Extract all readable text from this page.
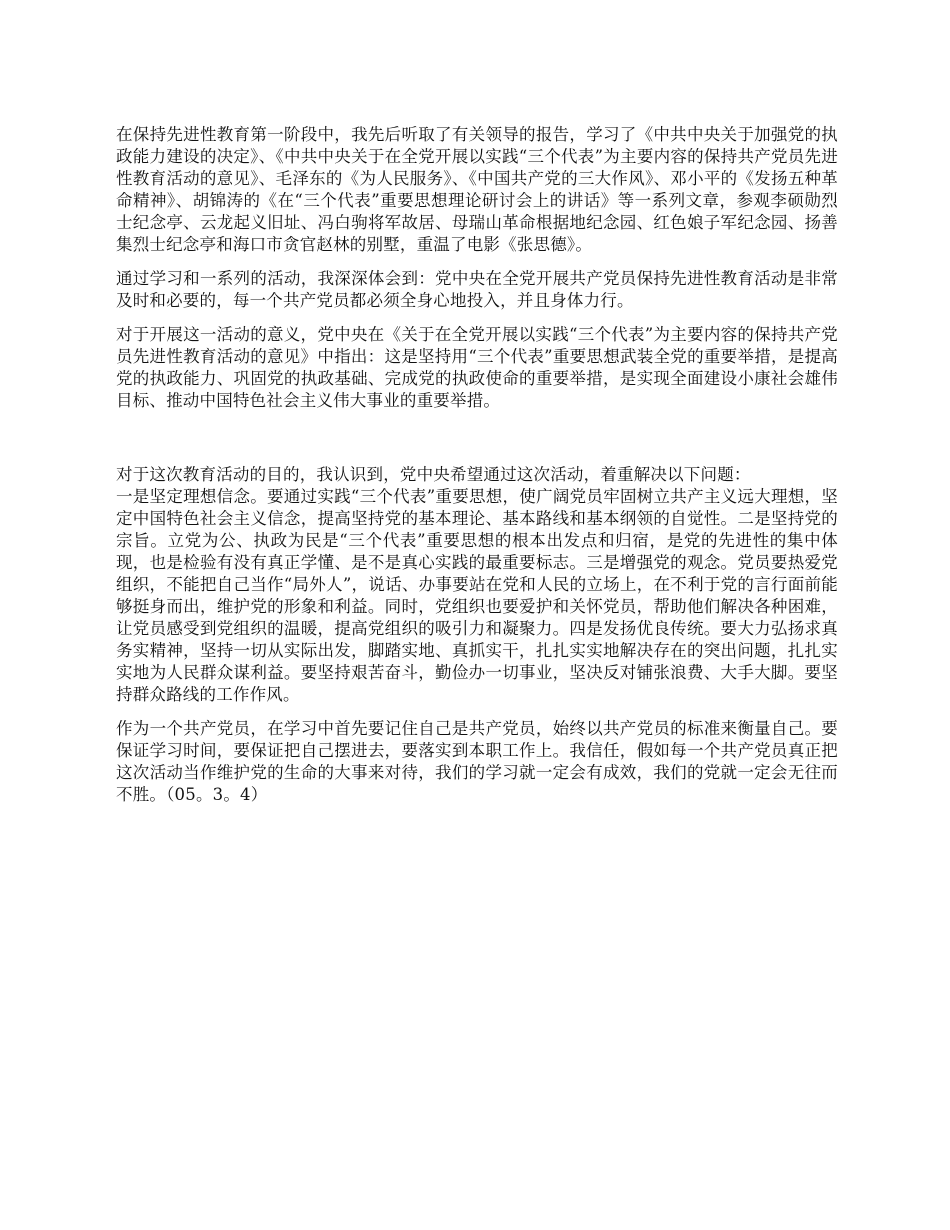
在保持先进性教育第一阶段中，我先后听取了有关领导的报告，学习了《中共中央关于加强党的执政能力建设的决定》、《中共中央关于在全党开展以实践“三个代表”为主要内容的保持共产党员先进性教育活动的意见》、毛泽东的《为人民服务》、《中国共产党的三大作风》、邓小平的《发扬五种革命精神》、胡锦涛的《在“三个代表”重要思想理论研讨会上的讲话》等一系列文章，参观李硕勋烈士纪念亭、云龙起义旧址、冯白驹将军故居、母瑞山革命根据地纪念园、红色娘子军纪念园、扬善集烈士纪念亭和海口市贪官赵林的别墅，重温了电影《张思德》。

通过学习和一系列的活动，我深深体会到：党中央在全党开展共产党员保持先进性教育活动是非常及时和必要的，每一个共产党员都必须全身心地投入，并且身体力行。

对于开展这一活动的意义，党中央在《关于在全党开展以实践“三个代表”为主要内容的保持共产党员先进性教育活动的意见》中指出：这是坚持用“三个代表”重要思想武装全党的重要举措，是提高党的执政能力、巩固党的执政基础、完成党的执政使命的重要举措，是实现全面建设小康社会雄伟目标、推动中国特色社会主义伟大事业的重要举措。

对于这次教育活动的目的，我认识到，党中央希望通过这次活动，着重解决以下问题：

一是坚定理想信念。要通过实践“三个代表”重要思想，使广阔党员牢固树立共产主义远大理想，坚定中国特色社会主义信念，提高坚持党的基本理论、基本路线和基本纲领的自觉性。二是坚持党的宗旨。立党为公、执政为民是“三个代表”重要思想的根本出发点和归宿，是党的先进性的集中体现，也是检验有没有真正学懂、是不是真心实践的最重要标志。三是增强党的观念。党员要热爱党组织，不能把自己当作“局外人”，说话、办事要站在党和人民的立场上，在不利于党的言行面前能够挺身而出，维护党的形象和利益。同时，党组织也要爱护和关怀党员，帮助他们解决各种困难，让党员感受到党组织的温暖，提高党组织的吸引力和凝聚力。四是发扬优良传统。要大力弘扬求真务实精神，坚持一切从实际出发，脚踏实地、真抓实干，扎扎实实地解决存在的突出问题，扎扎实实地为人民群众谋利益。要坚持艰苦奋斗，勤俭办一切事业，坚决反对铺张浪费、大手大脚。要坚持群众路线的工作作风。

作为一个共产党员，在学习中首先要记住自己是共产党员，始终以共产党员的标准来衡量自己。要保证学习时间，要保证把自己摆进去，要落实到本职工作上。我信任，假如每一个共产党员真正把这次活动当作维护党的生命的大事来对待，我们的学习就一定会有成效，我们的党就一定会无往而不胜。（05。3。4）
